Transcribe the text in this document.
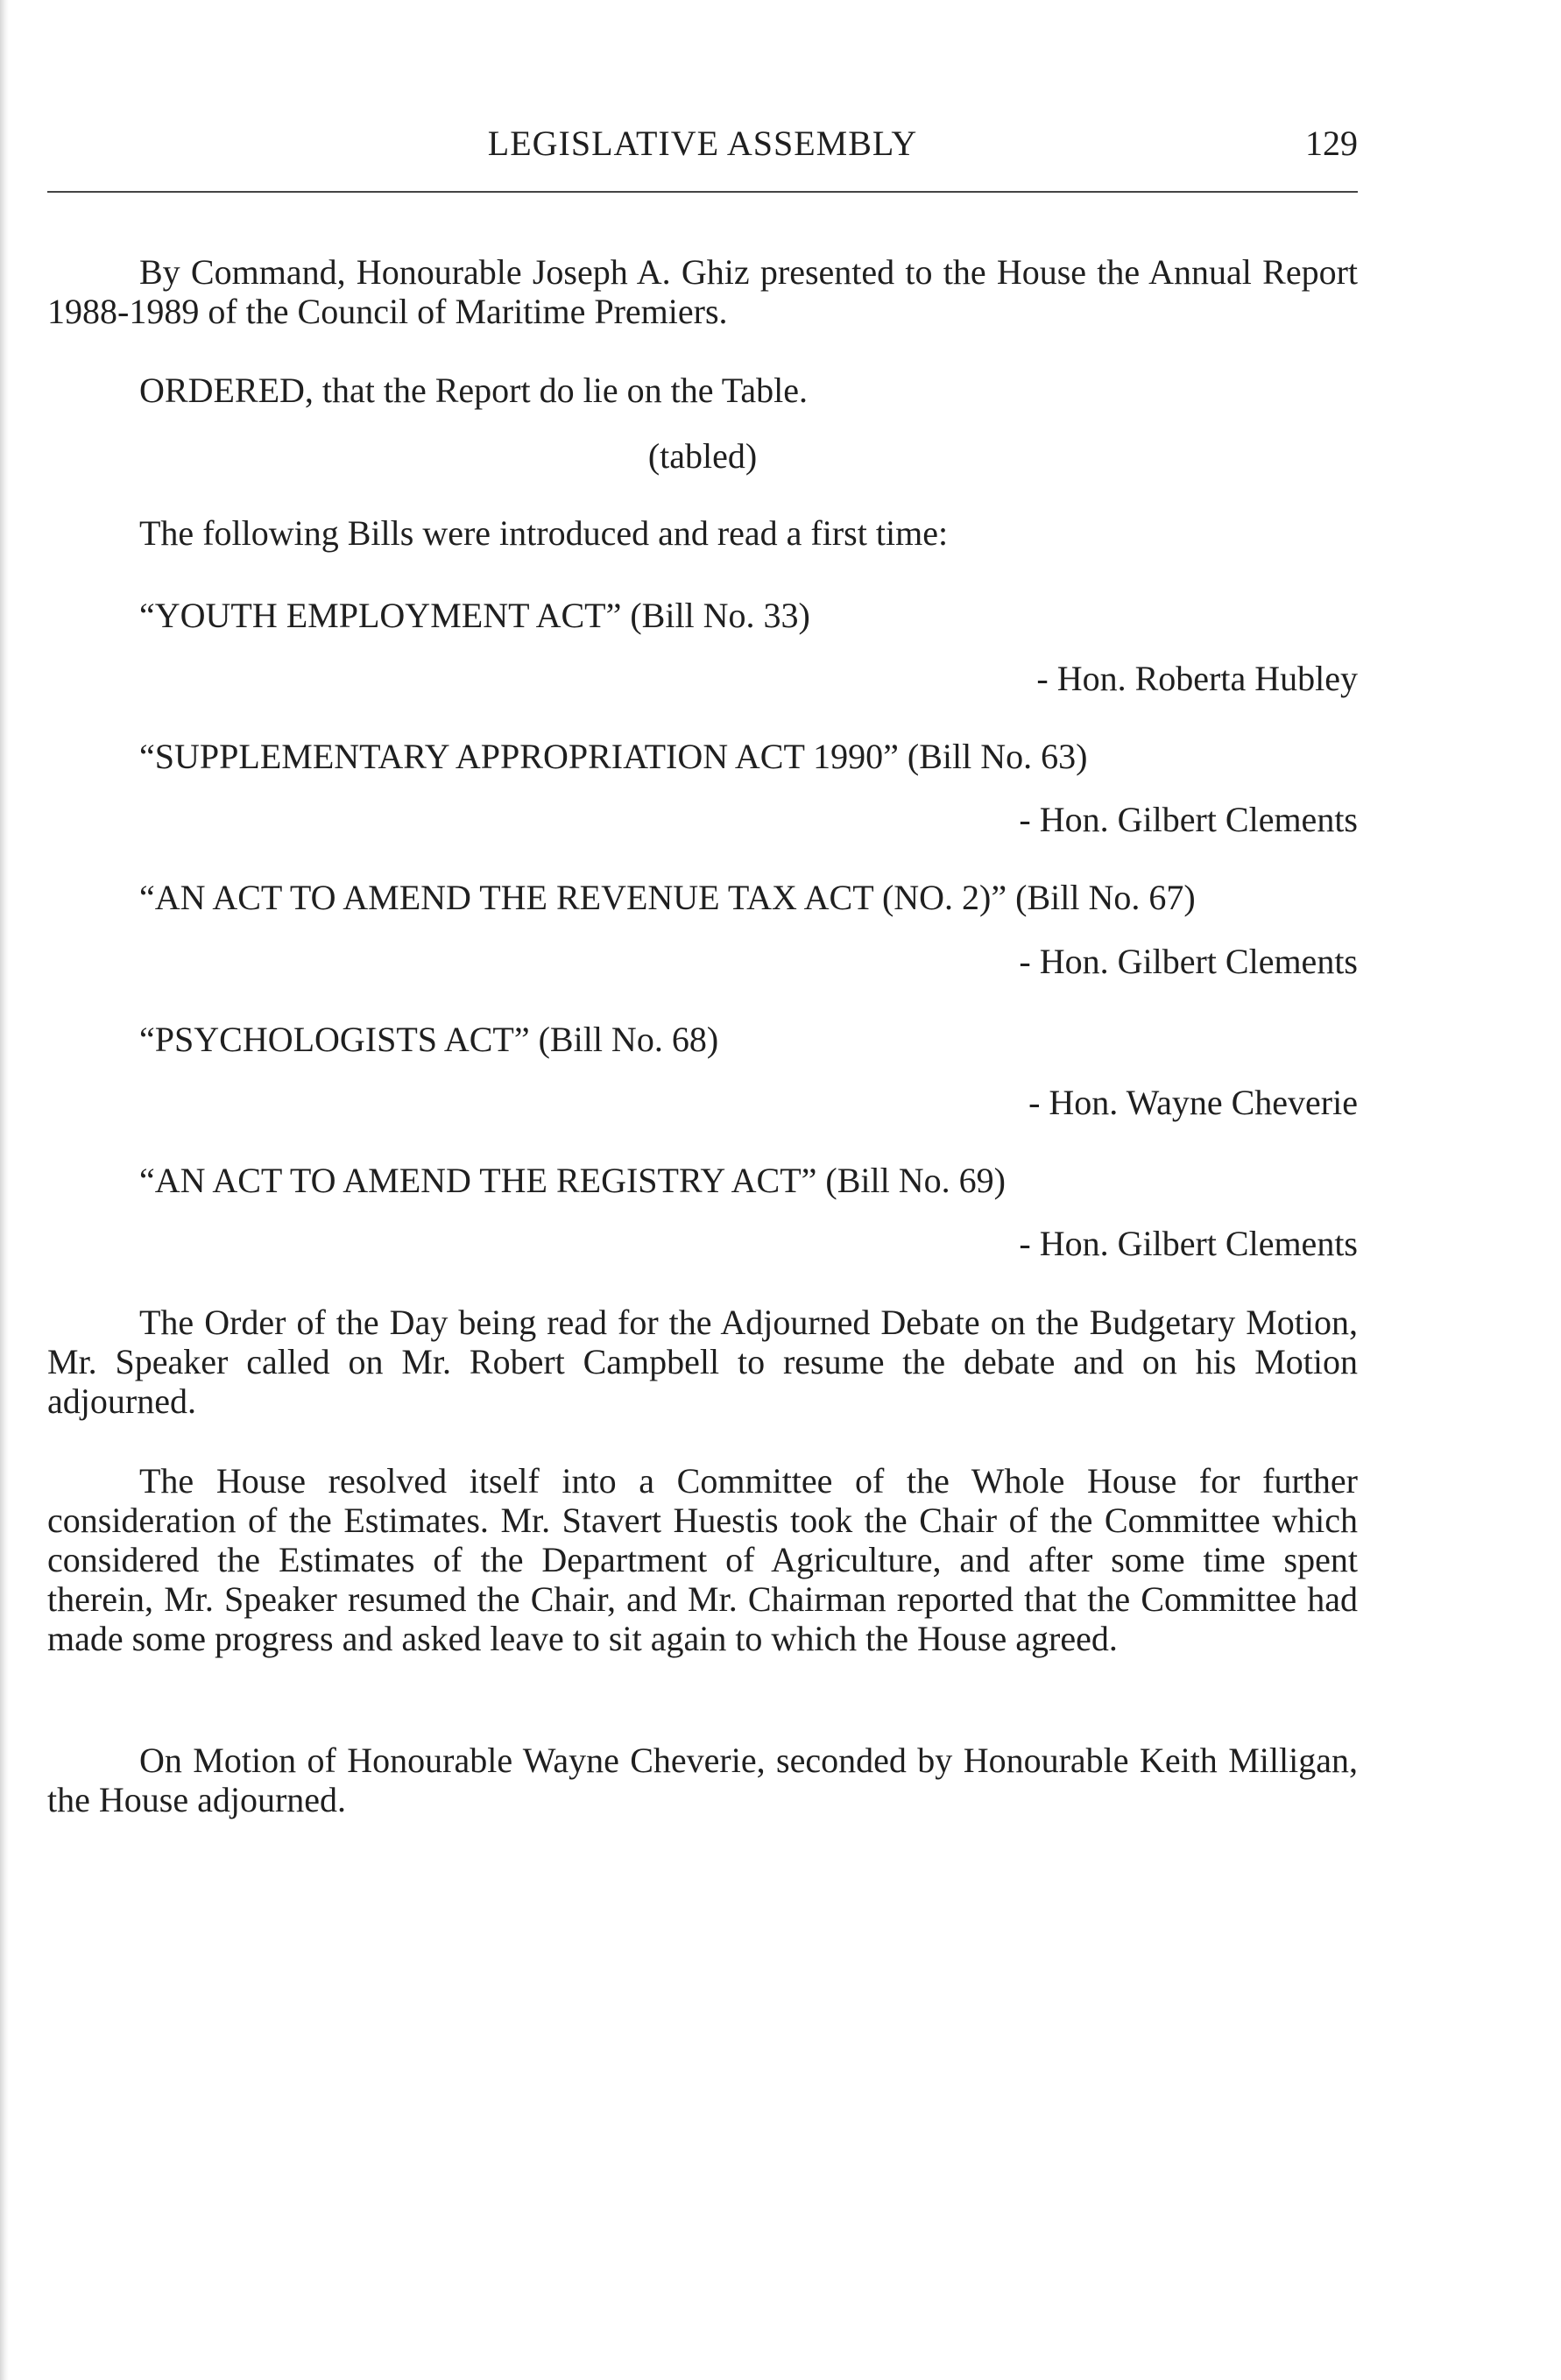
LEGISLATIVE ASSEMBLY	129

By Command, Honourable Joseph A. Ghiz presented to the House the Annual Report 1988-1989 of the Council of Maritime Premiers.

ORDERED, that the Report do lie on the Table.

(tabled)

The following Bills were introduced and read a first time:

“YOUTH EMPLOYMENT ACT” (Bill No. 33)

- Hon. Roberta Hubley

“SUPPLEMENTARY APPROPRIATION ACT 1990” (Bill No. 63)

- Hon. Gilbert Clements

“AN ACT TO AMEND THE REVENUE TAX ACT (NO. 2)” (Bill No. 67)

- Hon. Gilbert Clements

“PSYCHOLOGISTS ACT” (Bill No. 68)

- Hon. Wayne Cheverie

“AN ACT TO AMEND THE REGISTRY ACT” (Bill No. 69)

- Hon. Gilbert Clements

The Order of the Day being read for the Adjourned Debate on the Budgetary Motion, Mr. Speaker called on Mr. Robert Campbell to resume the debate and on his Motion adjourned.

The House resolved itself into a Committee of the Whole House for further consideration of the Estimates. Mr. Stavert Huestis took the Chair of the Committee which considered the Estimates of the Department of Agriculture, and after some time spent therein, Mr. Speaker resumed the Chair, and Mr. Chairman reported that the Committee had made some progress and asked leave to sit again to which the House agreed.

On Motion of Honourable Wayne Cheverie, seconded by Honourable Keith Milligan, the House adjourned.
